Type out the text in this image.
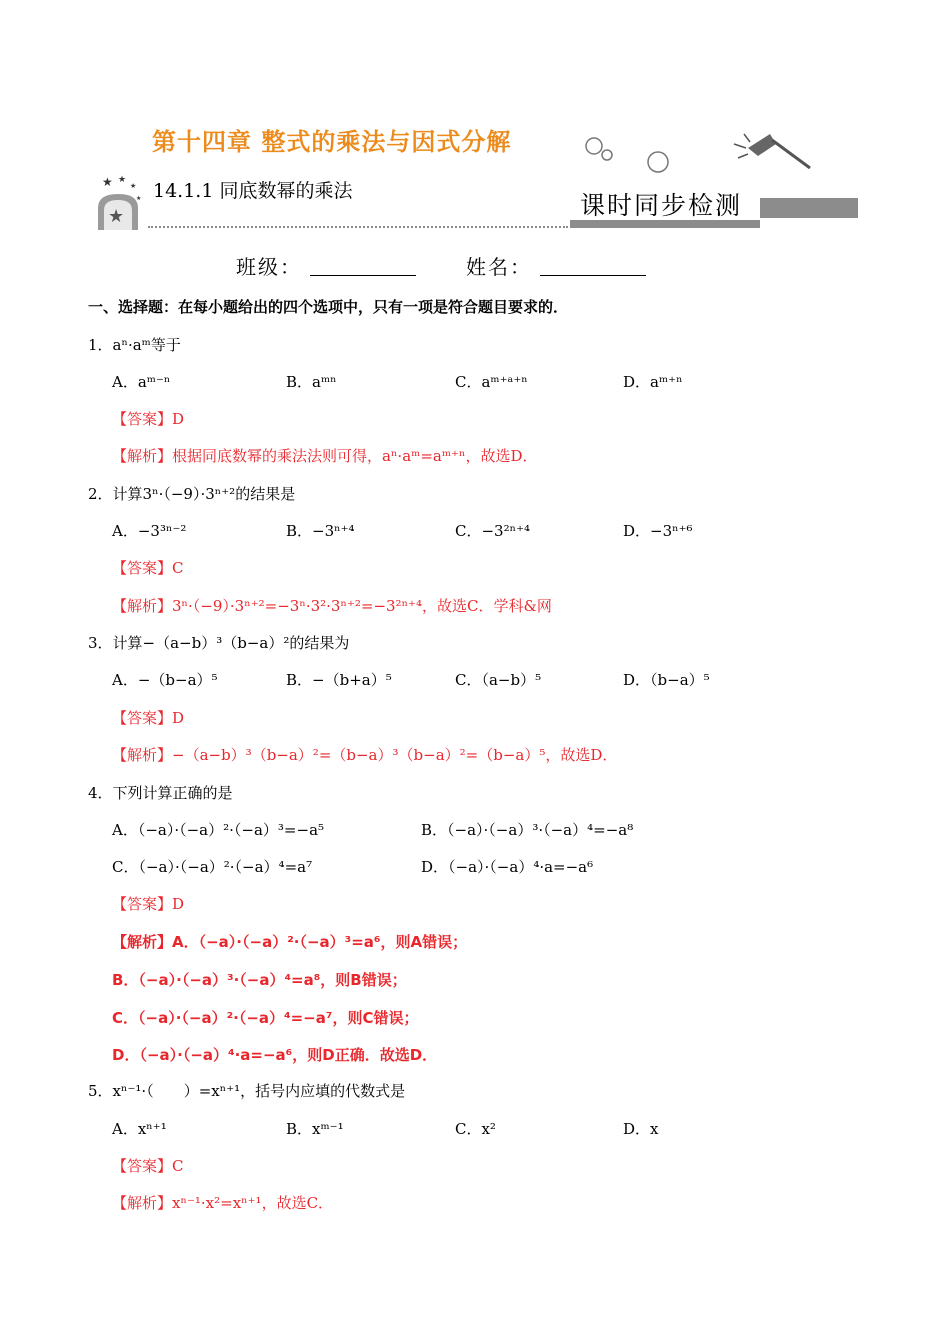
第十四章 整式的乘法与因式分解
★ ★
★
★
★
14.1.1 同底数幂的乘法	课时同步检测
班级：	姓名：
一、选择题：在每小题给出的四个选项中，只有一项是符合题目要求的．
1．aⁿ·aᵐ等于
A．aᵐ⁻ⁿ	B．aᵐⁿ	C．aᵐ⁺ᵃ⁺ⁿ	D．aᵐ⁺ⁿ
【答案】D
【解析】根据同底数幂的乘法法则可得，aⁿ·aᵐ=aᵐ⁺ⁿ，故选D．
2．计算3ⁿ·（−9）·3ⁿ⁺²的结果是
A．−3³ⁿ⁻²	B．−3ⁿ⁺⁴	C．−3²ⁿ⁺⁴	D．−3ⁿ⁺⁶
【答案】C
【解析】3ⁿ·（−9）·3ⁿ⁺²=−3ⁿ·3²·3ⁿ⁺²=−3²ⁿ⁺⁴，故选C．学科&网
3．计算−（a−b）³（b−a）²的结果为
A．−（b−a）⁵	B．−（b+a）⁵	C．（a−b）⁵	D．（b−a）⁵
【答案】D
【解析】−（a−b）³（b−a）²=（b−a）³（b−a）²=（b−a）⁵，故选D．
4．下列计算正确的是
A．（−a）·（−a）²·（−a）³=−a⁵	B．（−a）·（−a）³·（−a）⁴=−a⁸
C．（−a）·（−a）²·（−a）⁴=a⁷	D．（−a）·（−a）⁴·a=−a⁶
【答案】D
【解析】A．（−a）·（−a）²·（−a）³=a⁶，则A错误；
B．（−a）·（−a）³·（−a）⁴=a⁸，则B错误；
C．（−a）·（−a）²·（−a）⁴=−a⁷，则C错误；
D．（−a）·（−a）⁴·a=−a⁶，则D正确．故选D．
5．xⁿ⁻¹·（　　）=xⁿ⁺¹，括号内应填的代数式是
A．xⁿ⁺¹	B．xᵐ⁻¹	C．x²	D．x
【答案】C
【解析】xⁿ⁻¹·x²=xⁿ⁺¹，故选C．
